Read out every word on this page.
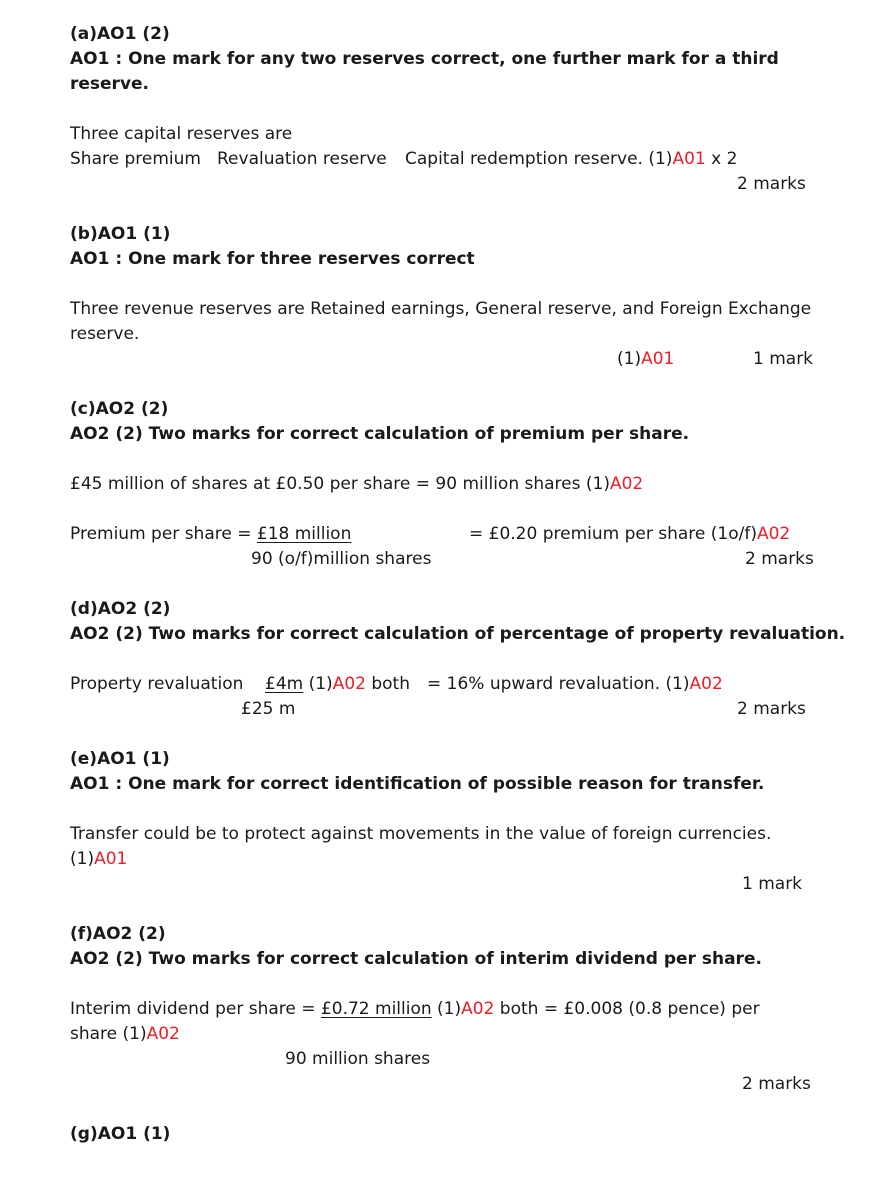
(a)AO1 (2)
AO1 : One mark for any two reserves correct, one further mark for a third
reserve.
Three capital reserves are
Share premium Revaluation reserve Capital redemption reserve. (1)A01 x 2
2 marks
(b)AO1 (1)
AO1 : One mark for three reserves correct
Three revenue reserves are Retained earnings, General reserve, and Foreign Exchange
reserve.
(1)A01	1 mark
(c)AO2 (2)
AO2 (2) Two marks for correct calculation of premium per share.
£45 million of shares at £0.50 per share = 90 million shares (1)A02
Premium per share = £18 million	= £0.20 premium per share (1o/f)A02
90 (o/f)million shares	2 marks
(d)AO2 (2)
AO2 (2) Two marks for correct calculation of percentage of property revaluation.
Property revaluation £4m (1)A02 both = 16% upward revaluation. (1)A02
£25 m	2 marks
(e)AO1 (1)
AO1 : One mark for correct identification of possible reason for transfer.
Transfer could be to protect against movements in the value of foreign currencies.
(1)A01
1 mark
(f)AO2 (2)
AO2 (2) Two marks for correct calculation of interim dividend per share.
Interim dividend per share = £0.72 million (1)A02 both = £0.008 (0.8 pence) per
share (1)A02
90 million shares
2 marks
(g)AO1 (1)
